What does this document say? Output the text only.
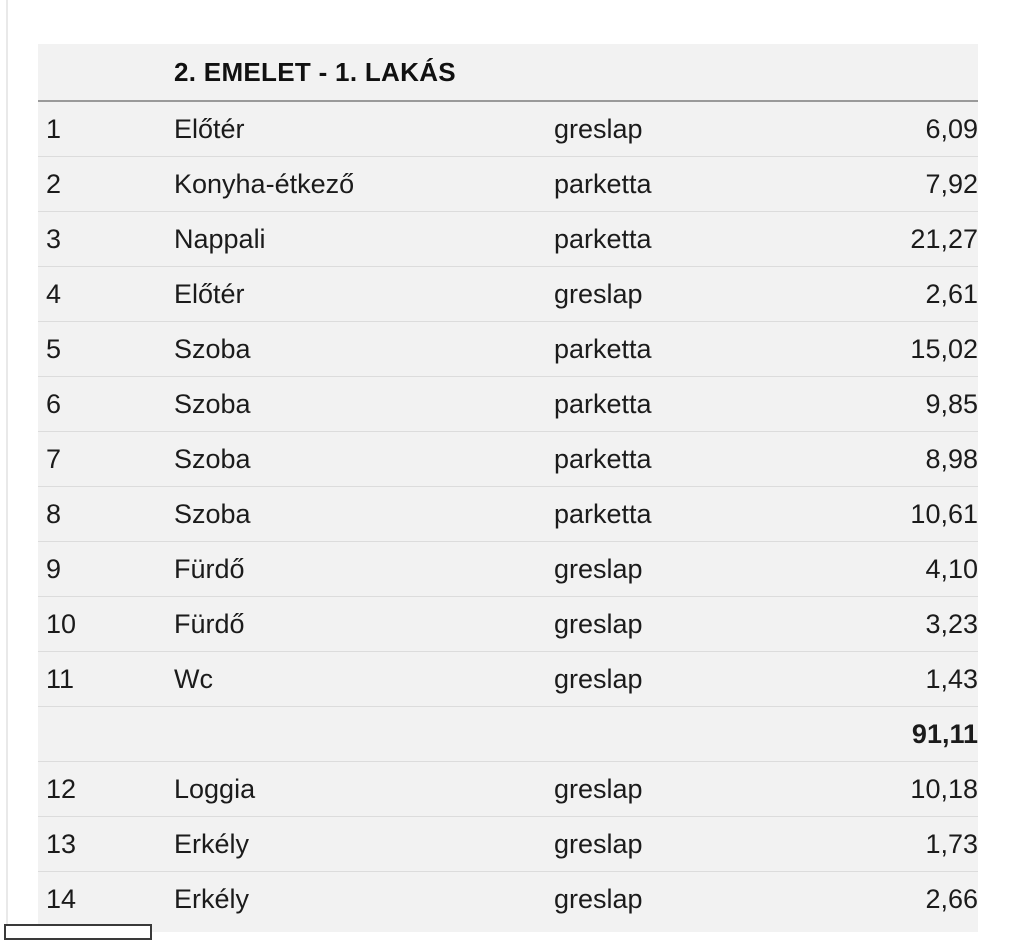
	2. EMELET - 1. LAKÁS		
1	Előtér	greslap	6,09
2	Konyha-étkező	parketta	7,92
3	Nappali	parketta	21,27
4	Előtér	greslap	2,61
5	Szoba	parketta	15,02
6	Szoba	parketta	9,85
7	Szoba	parketta	8,98
8	Szoba	parketta	10,61
9	Fürdő	greslap	4,10
10	Fürdő	greslap	3,23
11	Wc	greslap	1,43
			91,11
12	Loggia	greslap	10,18
13	Erkély	greslap	1,73
14	Erkély	greslap	2,66
